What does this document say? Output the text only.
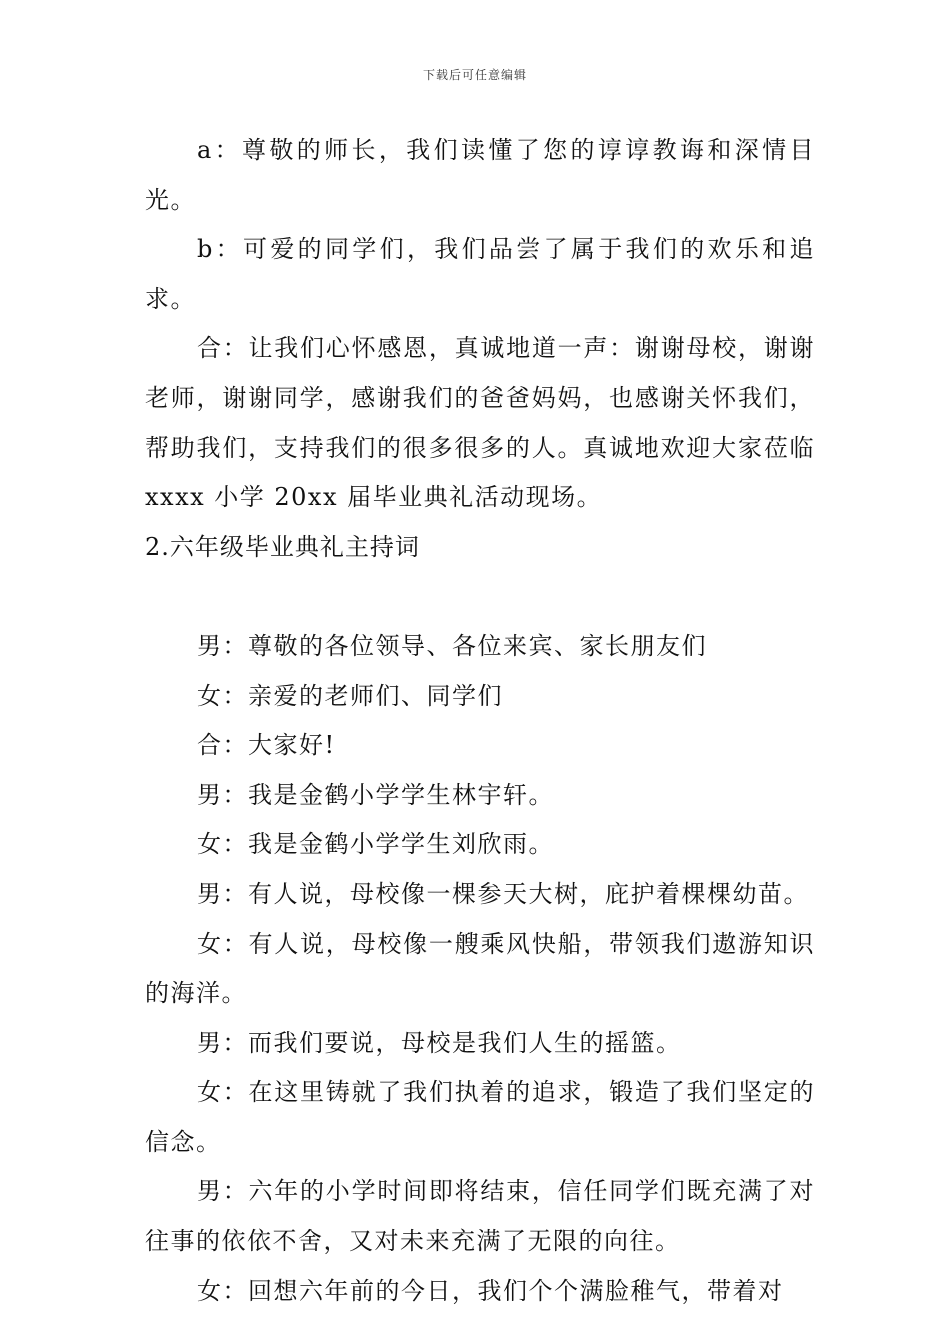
下载后可任意编辑

a：尊敬的师长，我们读懂了您的谆谆教诲和深情目光。

b：可爱的同学们，我们品尝了属于我们的欢乐和追求。

合：让我们心怀感恩，真诚地道一声：谢谢母校，谢谢老师，谢谢同学，感谢我们的爸爸妈妈，也感谢关怀我们，帮助我们，支持我们的很多很多的人。真诚地欢迎大家莅临 xxxx 小学 20xx 届毕业典礼活动现场。

2.六年级毕业典礼主持词

男：尊敬的各位领导、各位来宾、家长朋友们

女：亲爱的老师们、同学们

合：大家好!

男：我是金鹤小学学生林宇轩。

女：我是金鹤小学学生刘欣雨。

男：有人说，母校像一棵参天大树，庇护着棵棵幼苗。

女：有人说，母校像一艘乘风快船，带领我们遨游知识的海洋。

男：而我们要说，母校是我们人生的摇篮。

女：在这里铸就了我们执着的追求，锻造了我们坚定的信念。

男：六年的小学时间即将结束，信任同学们既充满了对往事的依依不舍，又对未来充满了无限的向往。

女：回想六年前的今日，我们个个满脸稚气，带着对
